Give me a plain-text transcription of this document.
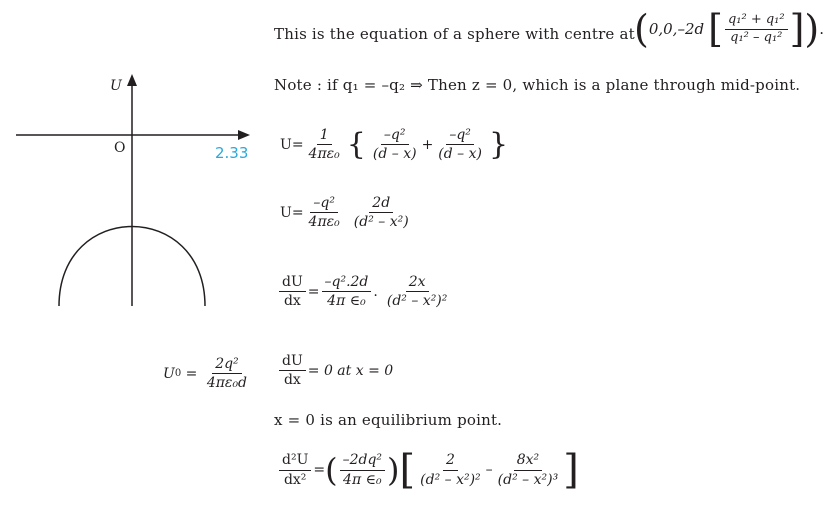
U
O	2.33
U $0 = \frac{\text{2q²}}{\text{4πε₀d}}$
This is the equation of a sphere with centre at ( 0,0,–2d [ $\frac{\text{q₁² + q₁²}}{\text{q₁² – q₁²}}$ ] ) .
Note : if q₁ = –q₂ ⇒ Then z = 0, which is a plane through mid-point.
$U = \frac{1}{\text{4πε₀}}$ { $\frac{\text{–q²}}{(d - x)} + \frac{\text{–q²}}{(d - x)}$ }
$U = \frac{\text{–q²}}{\text{4πε₀}} \frac{2d}{\text{(d² – x²)}}$
$\frac{dU}{dx} = \frac{\text{–q².2d}}{\text{4π ∈₀}}$ . $\frac{2x}{\text{(d² – x²)²}}$
$\frac{dU}{dx} = 0$ at x = 0
x = 0 is an equilibrium point.
$\frac{\text{d²U}}{\text{dx²}}$ = ( $\frac{\text{–2dq²}}{\text{4π ∈₀}}$ ) [ $\frac{2}{\text{(d² – x²)²}} - \frac{\text{8x²}}{\text{(d² – x²)³}}$ ]
